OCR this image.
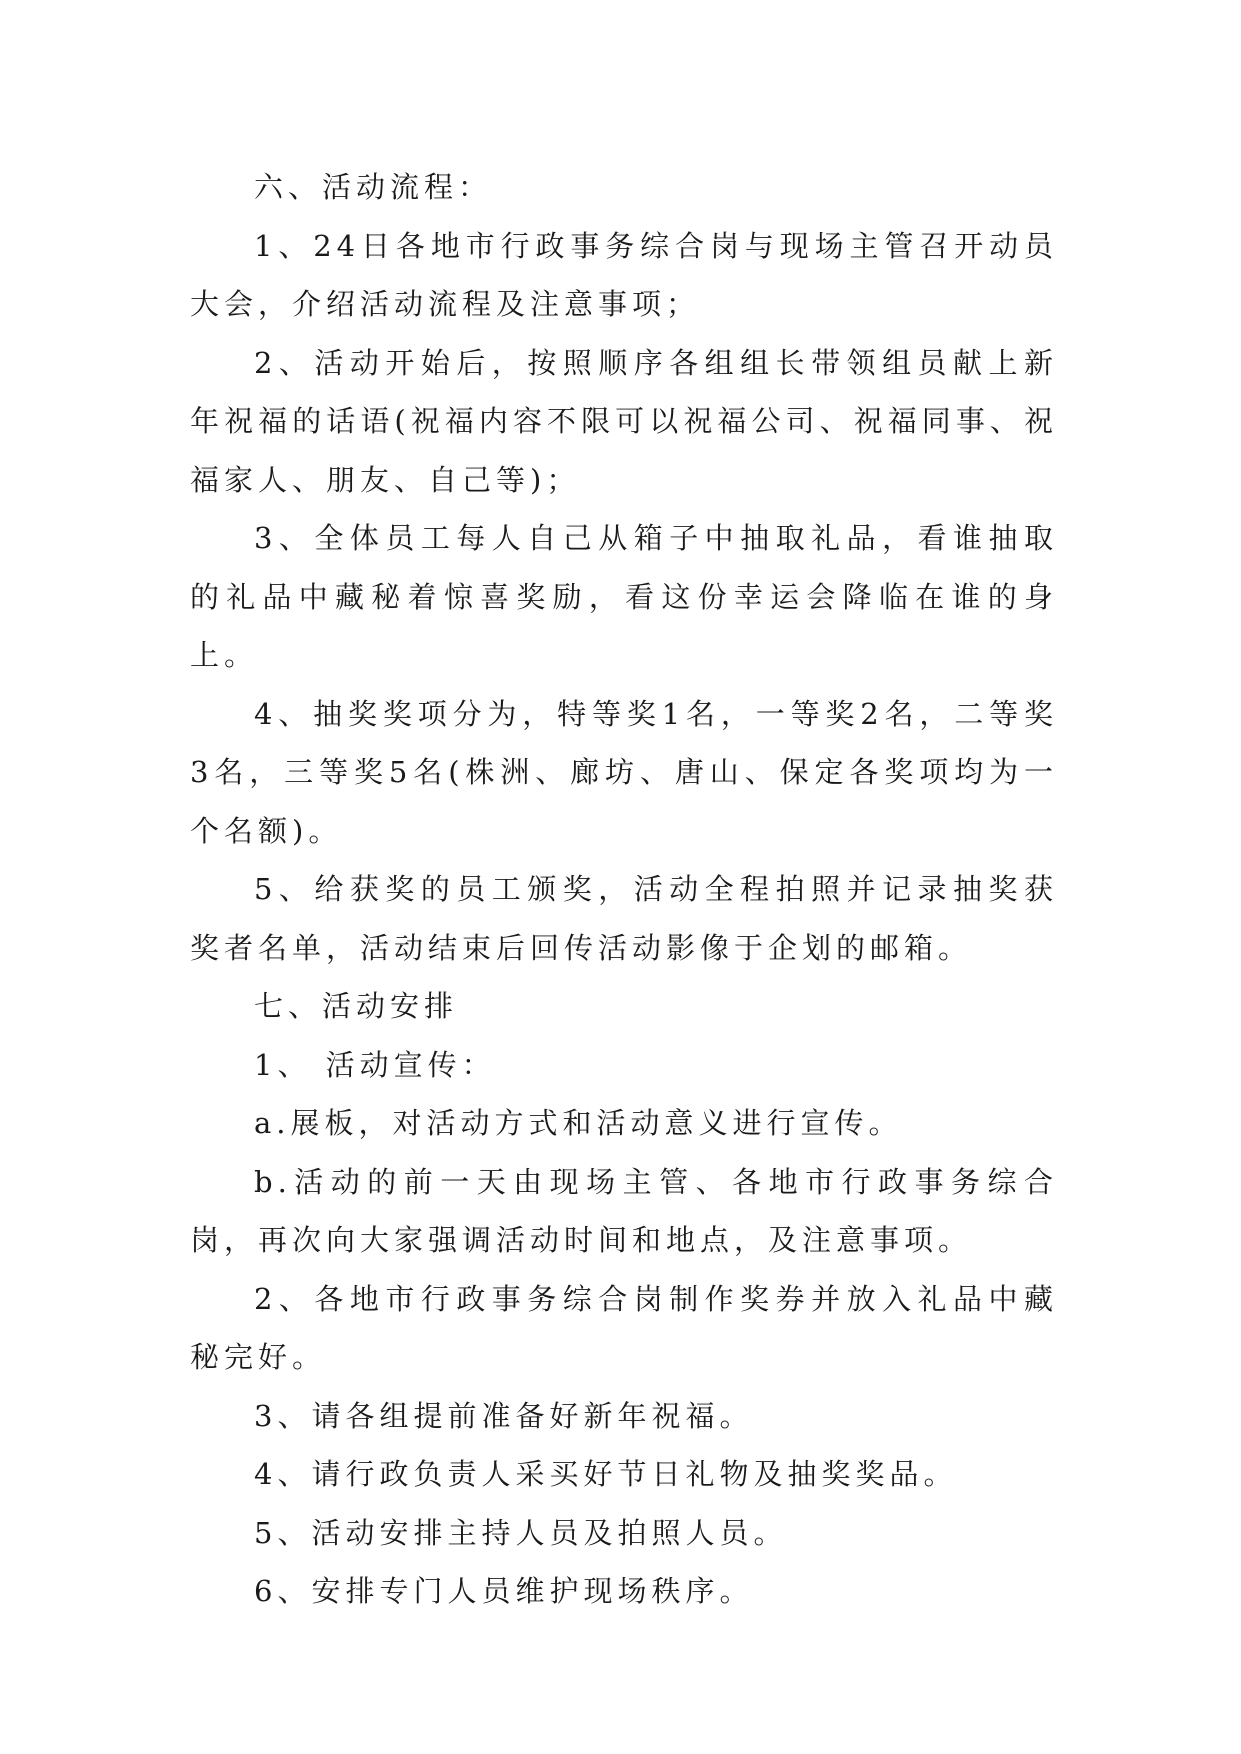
六、活动流程：

1、24日各地市行政事务综合岗与现场主管召开动员大会，介绍活动流程及注意事项；

2、活动开始后，按照顺序各组组长带领组员献上新年祝福的话语(祝福内容不限可以祝福公司、祝福同事、祝福家人、朋友、自己等)；

3、全体员工每人自己从箱子中抽取礼品，看谁抽取的礼品中藏秘着惊喜奖励，看这份幸运会降临在谁的身上。

4、抽奖奖项分为，特等奖1名，一等奖2名，二等奖3名，三等奖5名(株洲、廊坊、唐山、保定各奖项均为一个名额)。

5、给获奖的员工颁奖，活动全程拍照并记录抽奖获奖者名单，活动结束后回传活动影像于企划的邮箱。

七、活动安排

1、 活动宣传：

a.展板，对活动方式和活动意义进行宣传。

b.活动的前一天由现场主管、各地市行政事务综合岗，再次向大家强调活动时间和地点，及注意事项。

2、各地市行政事务综合岗制作奖券并放入礼品中藏秘完好。

3、请各组提前准备好新年祝福。

4、请行政负责人采买好节日礼物及抽奖奖品。

5、活动安排主持人员及拍照人员。

6、安排专门人员维护现场秩序。
